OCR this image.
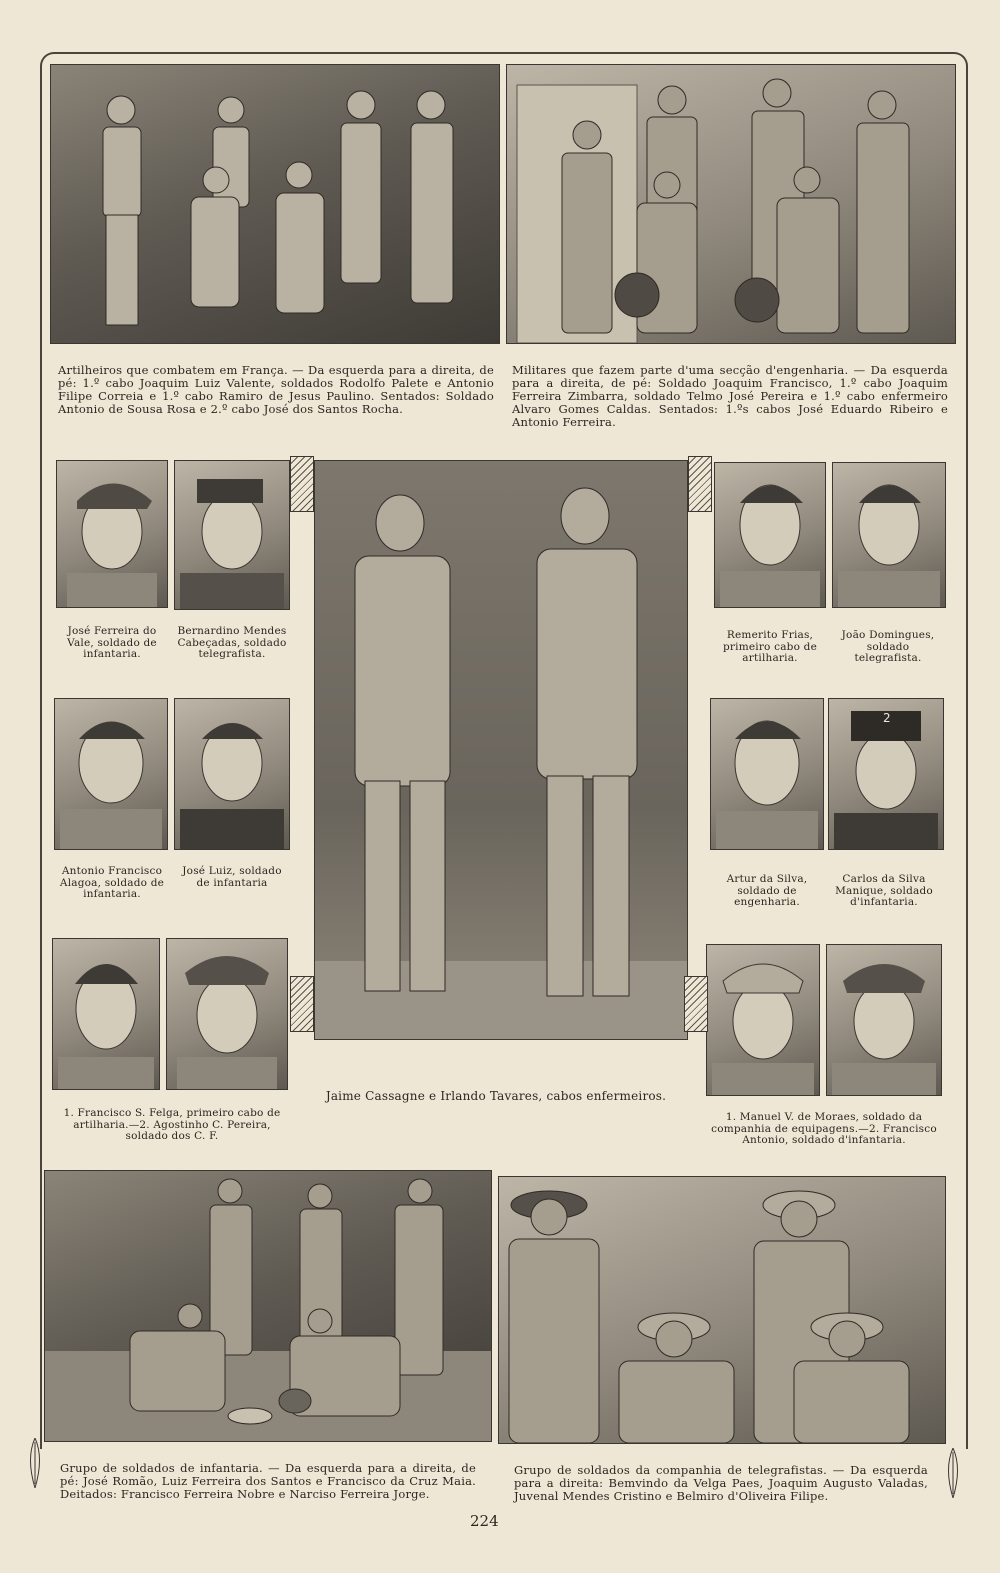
Artilheiros que combatem em França. — Da esquerda para a direita, de pé: 1.º cabo Joaquim Luiz Valente, soldados Rodolfo Palete e Antonio Filipe Correia e 1.º cabo Ramiro de Jesus Paulino. Sentados: Soldado Antonio de Sousa Rosa e 2.º cabo José dos Santos Rocha.
Militares que fazem parte d'uma secção d'engenharia. — Da esquerda para a direita, de pé: Soldado Joaquim Francisco, 1.º cabo Joaquim Ferreira Zimbarra, soldado Telmo José Pereira e 1.º cabo enfermeiro Alvaro Gomes Caldas. Sentados: 1.ºs cabos José Eduardo Ribeiro e Antonio Ferreira.
Jaime Cassagne e Irlando Tavares, cabos enfermeiros.
José Ferreira do Vale, soldado de infantaria.
Bernardino Mendes Cabeçadas, soldado telegrafista.
Antonio Francisco Alagoa, soldado de infantaria.
José Luiz, soldado de infantaria
1. Francisco S. Felga, primeiro cabo de artilharia.—2. Agostinho C. Pereira, soldado dos C. F.
Remerito Frias, primeiro cabo de artilharia.
João Domingues, soldado telegrafista.
2
Artur da Silva, soldado de engenharia.
Carlos da Silva Manique, soldado d'infantaria.
1. Manuel V. de Moraes, soldado da companhia de equipagens.—2. Francisco Antonio, soldado d'infantaria.
Grupo de soldados de infantaria. — Da esquerda para a direita, de pé: José Romão, Luiz Ferreira dos Santos e Francisco da Cruz Maia. Deitados: Francisco Ferreira Nobre e Narciso Ferreira Jorge.
Grupo de soldados da companhia de telegrafistas. — Da esquerda para a direita: Bemvindo da Velga Paes, Joaquim Augusto Valadas, Juvenal Mendes Cristino e Belmiro d'Oliveira Filipe.
224
